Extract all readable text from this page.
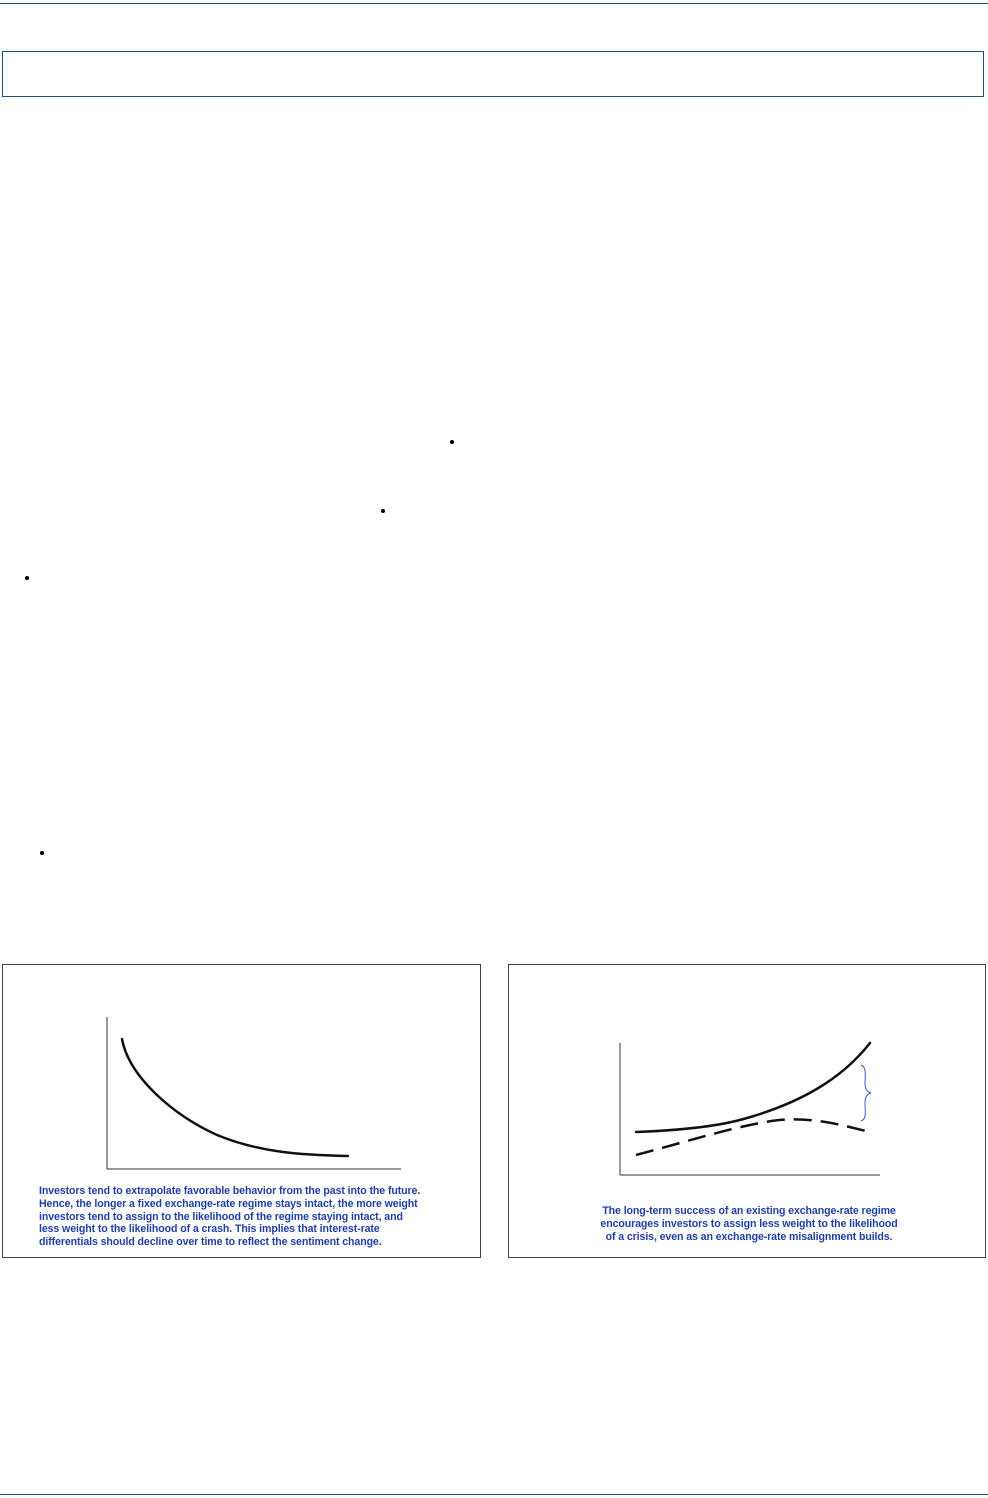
Investors tend to extrapolate favorable behavior from the past into the future.

Hence, the longer a fixed exchange-rate regime stays intact, the more weight

investors tend to assign to the likelihood of the regime staying intact, and

less weight to the likelihood of a crash. This implies that interest-rate

differentials should decline over time to reflect the sentiment change.

The long-term success of an existing exchange-rate regime

encourages investors to assign less weight to the likelihood

of a crisis, even as an exchange-rate misalignment builds.
